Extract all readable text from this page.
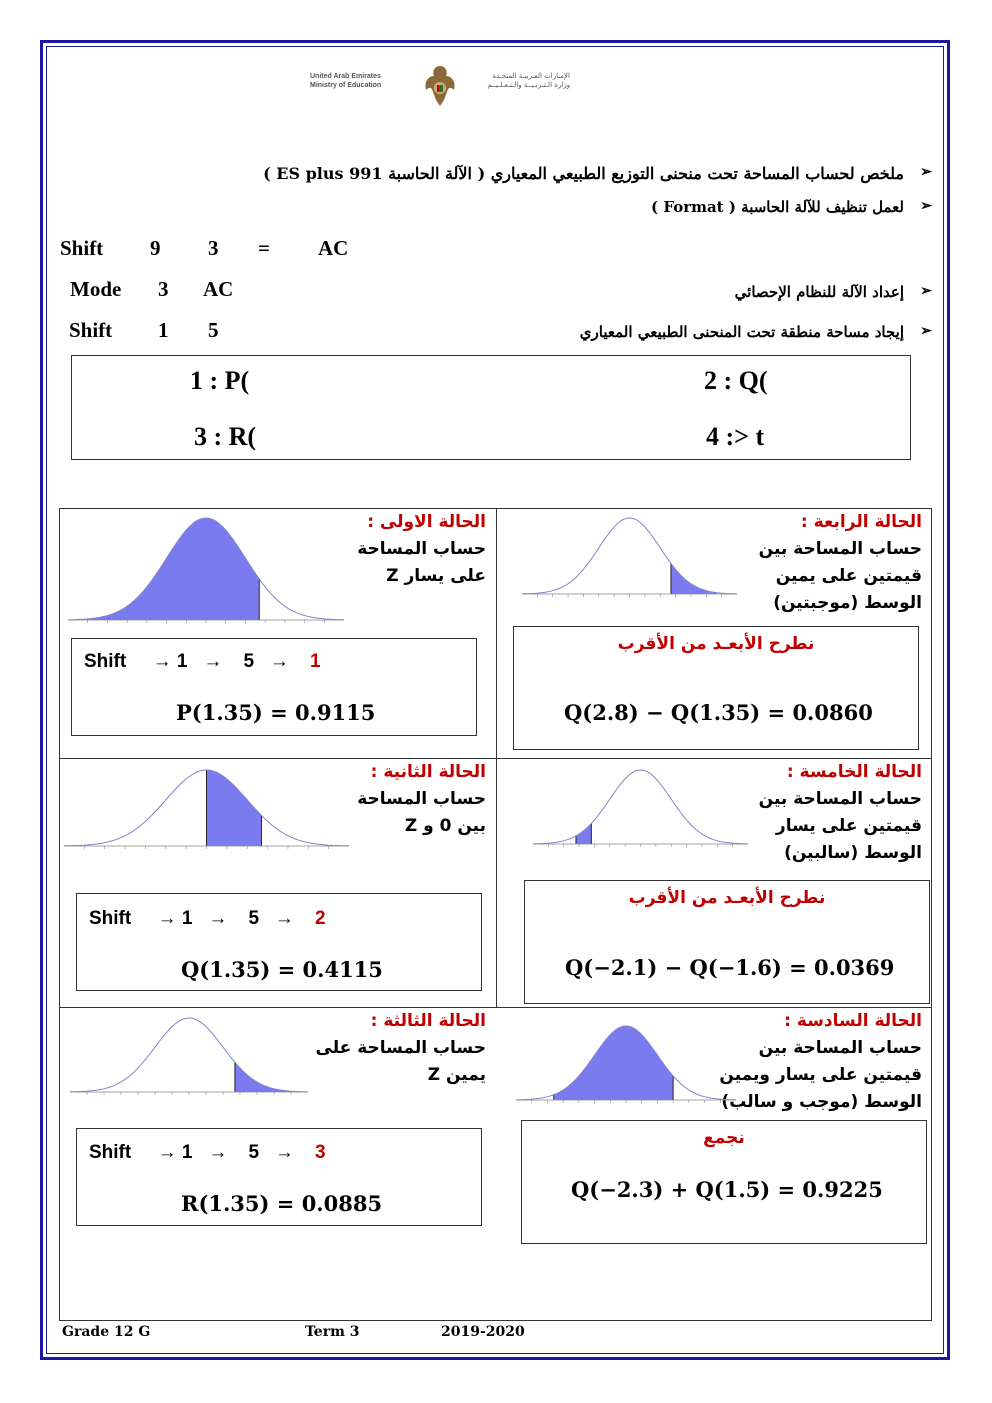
United Arab Emirates
Ministry of Education
الإمـارات العـربيـة المتحـدة
وزارة الـتـربـيــة والـتـعـلـيــم
ملخص لحساب المساحة تحت منحنى التوزيع الطبيعي المعياري ( الآلة الحاسبة 991 ES plus ) ➢
لعمل تنظيف للآلة الحاسبة ( Format ) ➢
إعداد الآلة للنظام الإحصائي ➢
إيجاد مساحة منطقة تحت المنحنى الطبيعي المعياري ➢
Shift 9 3 = AC
Mode 3 AC
Shift 1 5
1 : P(	2 : Q(
3 : R(	4 :> t
الحالة الاولى :
حساب المساحة
على يسار Z
Shift → 1 → 5 → 1
P(1.35) = 0.9115
الحالة الرابعة :
حساب المساحة بين
قيمتين على يمين
الوسط (موجبتين)
نطرح الأبعـد من الأقرب
Q(2.8) − Q(1.35) = 0.0860
الحالة الثانية :
حساب المساحة
بين 0 و Z
Shift → 1 → 5 → 2
Q(1.35) = 0.4115
الحالة الخامسة :
حساب المساحة بين
قيمتين على يسار
الوسط (سالبين)
نطرح الأبعـد من الأقرب
Q(−2.1) − Q(−1.6) = 0.0369
الحالة الثالثة :
حساب المساحة على
يمين Z
Shift → 1 → 5 → 3
R(1.35) = 0.0885
الحالة السادسة :
حساب المساحة بين
قيمتين على يسار ويمين
الوسط (موجب و سالب)
نجمع
Q(−2.3) + Q(1.5) = 0.9225
Grade 12 G	Term 3	2019-2020
